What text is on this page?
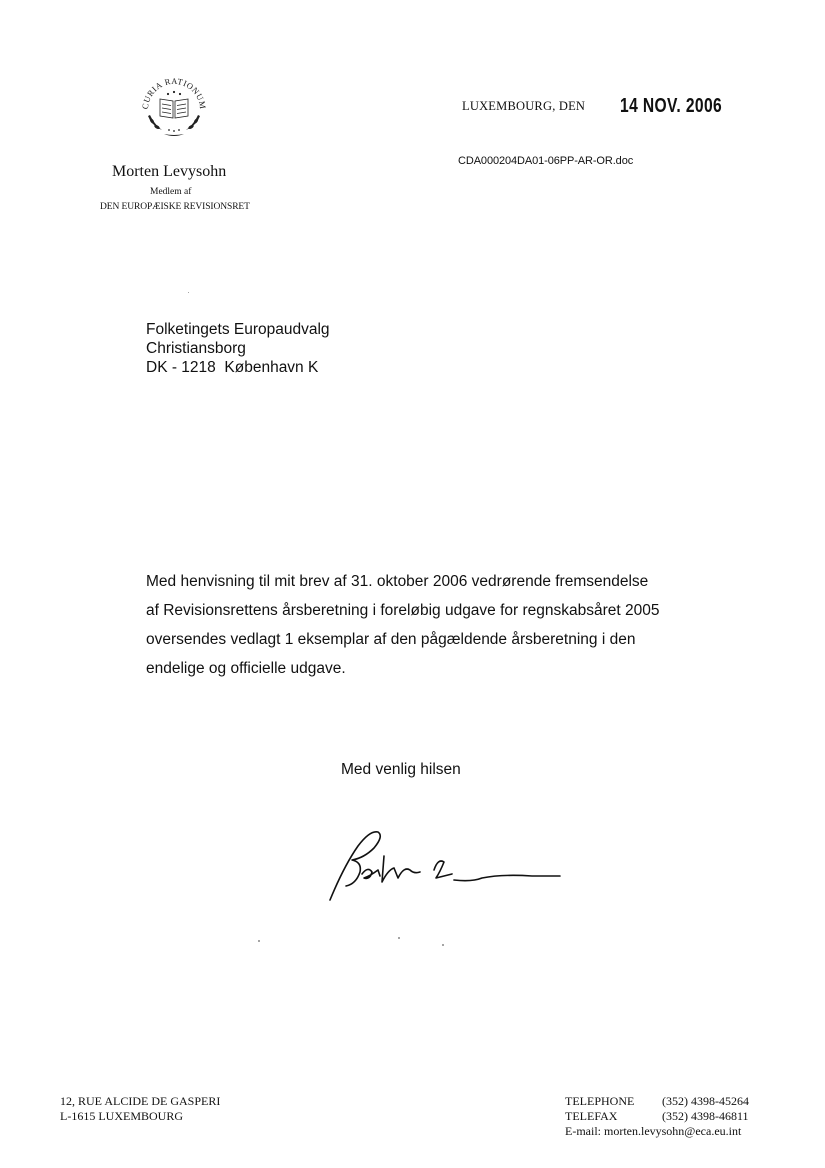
CURIA RATIONUM
Morten Levysohn
Medlem af
DEN EUROPÆISKE REVISIONSRET
LUXEMBOURG, DEN 14 NOV. 2006
CDA000204DA01-06PP-AR-OR.doc
Folketingets Europaudvalg
Christiansborg
DK - 1218  København K
Med henvisning til mit brev af 31. oktober 2006 vedrørende fremsendelse
af Revisionsrettens årsberetning i foreløbig udgave for regnskabsåret 2005
oversendes vedlagt 1 eksemplar af den pågældende årsberetning i den
endelige og officielle udgave.
Med venlig hilsen
12, RUE ALCIDE DE GASPERI
L-1615 LUXEMBOURG
TELEPHONE	(352) 4398-45264
TELEFAX	(352) 4398-46811
E-mail: morten.levysohn@eca.eu.int
